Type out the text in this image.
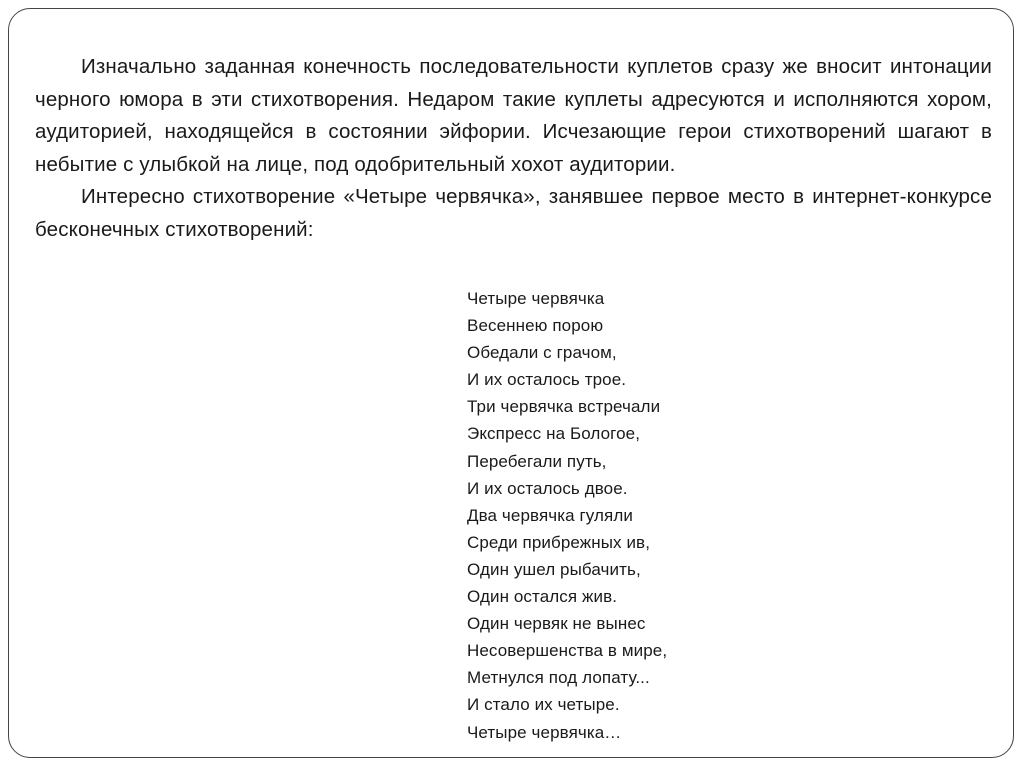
Изначально заданная конечность последовательности куплетов сразу же вносит интонации черного юмора в эти стихотворения. Недаром такие куплеты адресуются и исполняются хором, аудиторией, находящейся в состоянии эйфории. Исчезающие герои стихотворений шагают в небытие с улыбкой на лице, под одобрительный хохот аудитории.

Интересно стихотворение «Четыре червячка», занявшее первое место в интернет-конкурсе бесконечных стихотворений:

Четыре червячка
Весеннею порою
Обедали с грачом,
И их осталось трое.
Три червячка встречали
Экспресс на Бологое,
Перебегали путь,
И их осталось двое.
Два червячка гуляли
Среди прибрежных ив,
Один ушел рыбачить,
Один остался жив.
Один червяк не вынес
Несовершенства в мире,
Метнулся под лопату...
И стало их четыре.
Четыре червячка…
